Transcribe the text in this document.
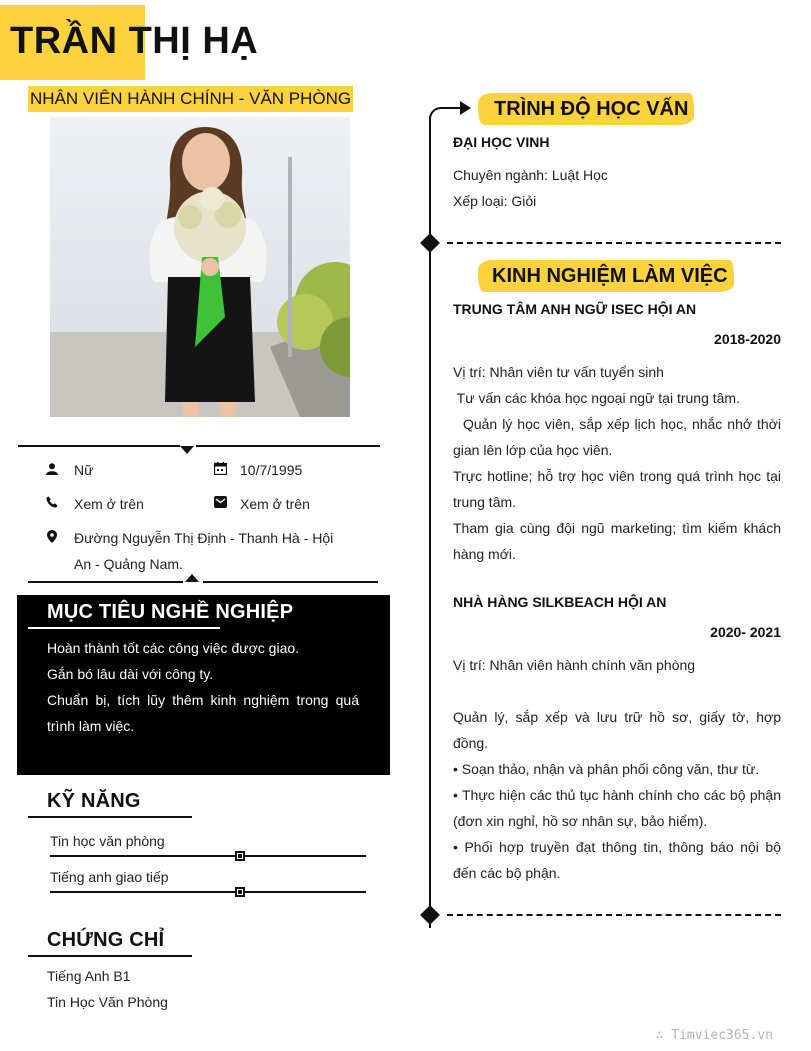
TRẦN THỊ HẠ
NHÂN VIÊN HÀNH CHÍNH - VĂN PHÒNG
Nữ	10/7/1995
Xem ở trên	Xem ở trên
Đường Nguyễn Thị Định - Thanh Hà - Hội
An - Quảng Nam.
MỤC TIÊU NGHỀ NGHIỆP
Hoàn thành tốt các công việc được giao.
Gắn bó lâu dài với công ty.
Chuẩn bị, tích lũy thêm kinh nghiệm trong quá trình làm việc.
KỸ NĂNG
Tin học văn phòng
Tiếng anh giao tiếp
CHỨNG CHỈ
Tiếng Anh B1
Tin Học Văn Phòng
TRÌNH ĐỘ HỌC VẤN
ĐẠI HỌC VINH
Chuyên ngành: Luật Học
Xếp loại: Giỏi
KINH NGHIỆM LÀM VIỆC
TRUNG TÂM ANH NGỮ ISEC HỘI AN
2018-2020
Vị trí: Nhân viên tư vấn tuyển sinh
Tư vấn các khóa học ngoại ngữ tại trung tâm.
Quản lý học viên, sắp xếp lịch học, nhắc nhở thời gian lên lớp của học viên.
Trực hotline; hỗ trợ học viên trong quá trình học tại trung tâm.
Tham gia cùng đội ngũ marketing; tìm kiếm khách hàng mới.
NHÀ HÀNG SILKBEACH HỘI AN
2020- 2021
Vị trí: Nhân viên hành chính văn phòng
Quản lý, sắp xếp và lưu trữ hồ sơ, giấy tờ, hợp đồng.
• Soạn thảo, nhận và phân phối công văn, thư từ.
• Thực hiện các thủ tục hành chính cho các bộ phận (đơn xin nghỉ, hồ sơ nhân sự, bảo hiểm).
• Phối hợp truyền đạt thông tin, thông báo nội bộ đến các bộ phận.
∴ Timviec365.vn
